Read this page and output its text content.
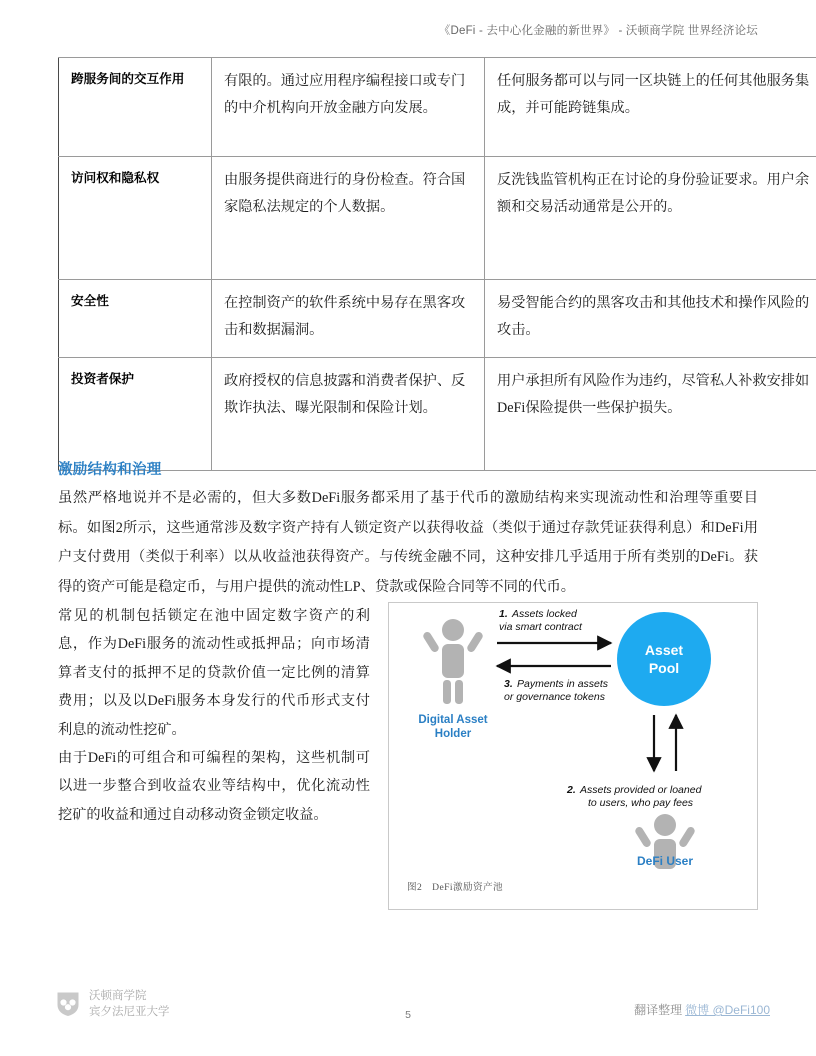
《DeFi - 去中心化金融的新世界》 - 沃顿商学院 世界经济论坛
跨服务间的交互作用	有限的。通过应用程序编程接口或专门的中介机构向开放金融方向发展。	任何服务都可以与同一区块链上的任何其他服务集成，并可能跨链集成。
访问权和隐私权	由服务提供商进行的身份检查。符合国家隐私法规定的个人数据。	反洗钱监管机构正在讨论的身份验证要求。用户余额和交易活动通常是公开的。
安全性	在控制资产的软件系统中易存在黑客攻击和数据漏洞。	易受智能合约的黑客攻击和其他技术和操作风险的攻击。
投资者保护	政府授权的信息披露和消费者保护、反欺诈执法、曝光限制和保险计划。	用户承担所有风险作为违约，尽管私人补救安排如DeFi保险提供一些保护损失。
激励结构和治理
虽然严格地说并不是必需的，但大多数DeFi服务都采用了基于代币的激励结构来实现流动性和治理等重要目标。如图2所示，这些通常涉及数字资产持有人锁定资产以获得收益（类似于通过存款凭证获得利息）和DeFi用户支付费用（类似于利率）以从收益池获得资产。与传统金融不同，这种安排几乎适用于所有类别的DeFi。获得的资产可能是稳定币，与用户提供的流动性LP、贷款或保险合同等不同的代币。

常见的机制包括锁定在池中固定数字资产的利息，作为DeFi服务的流动性或抵押品；向市场清算者支付的抵押不足的贷款价值一定比例的清算费用；以及以DeFi服务本身发行的代币形式支付利息的流动性挖矿。

由于DeFi的可组合和可编程的架构，这些机制可以进一步整合到收益农业等结构中，优化流动性挖矿的收益和通过自动移动资金锁定收益。

Digital Asset
Holder
Asset
Pool
1. Assets locked
via smart contract
3. Payments in assets
or governance tokens
2. Assets provided or loaned
to users, who pay fees
DeFi User
图2　DeFi激励资产池
沃顿商学院
宾夕法尼亚大学	5	翻译整理 微博 @DeFi100
